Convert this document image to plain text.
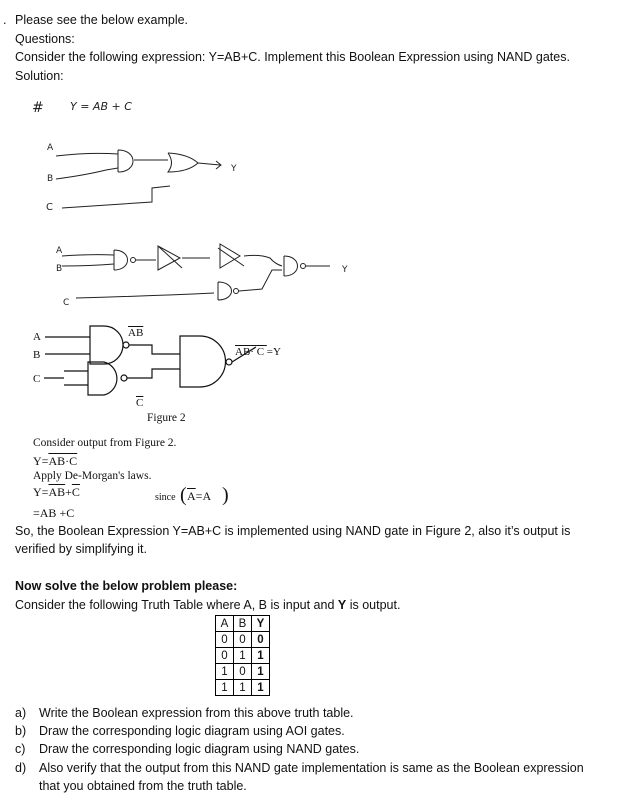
. Please see the below example.
Questions:
Consider the following expression: Y=AB+C. Implement this Boolean Expression using NAND gates.
Solution:
# Y = AB + C
A
B
C
Y
A
B
C
Y
A
B
C
$\overline{AB}$
$\overline{C}$
AB· C =Y
Figure 2
Consider output from Figure 2.
Y=AB·C
Apply De-Morgan's laws.
$Y=\overline{AB}+\overline{C}$	since ( $\overline{A}=A$ )
=AB +C
So, the Boolean Expression Y=AB+C is implemented using NAND gate in Figure 2, also it’s output is
verified by simplifying it.
Now solve the below problem please:
Consider the following Truth Table where A, B is input and Y is output.
A	B	Y
0	0	0
0	1	1
1	0	1
1	1	1
a) Write the Boolean expression from this above truth table.
b) Draw the corresponding logic diagram using AOI gates.
c) Draw the corresponding logic diagram using NAND gates.
d) Also verify that the output from this NAND gate implementation is same as the Boolean expression
that you obtained from the truth table.
